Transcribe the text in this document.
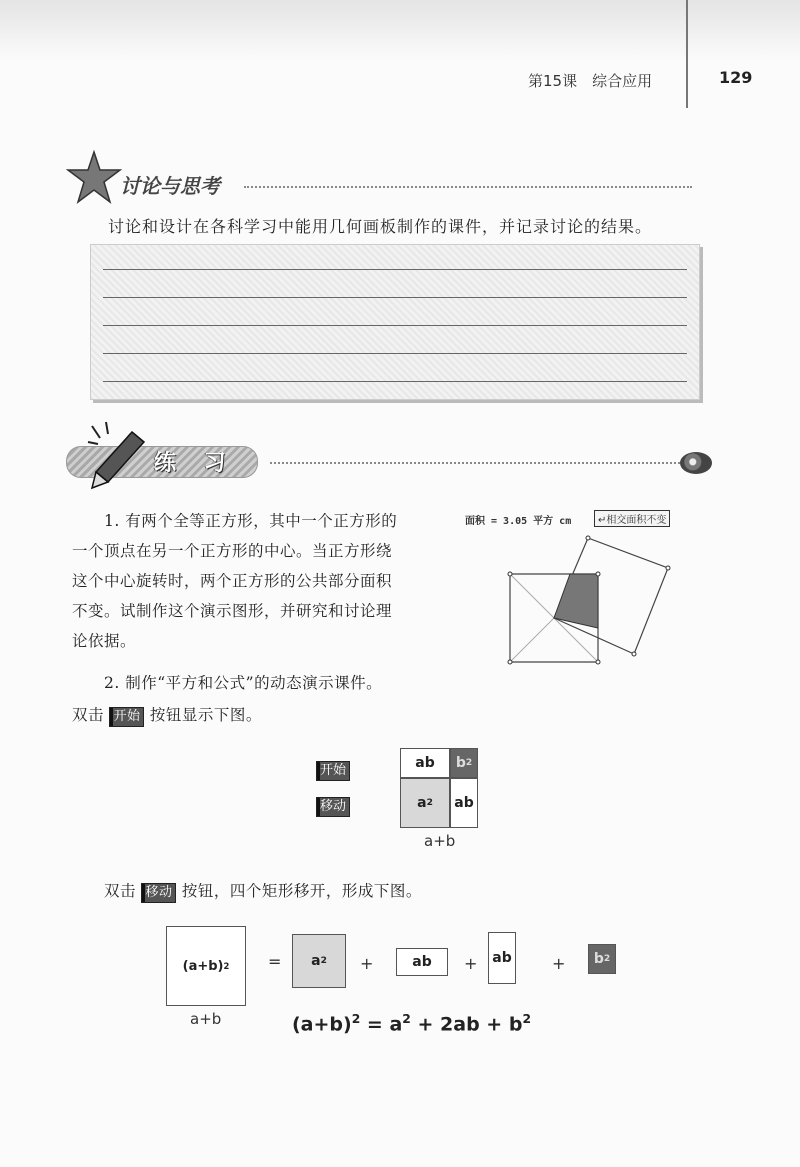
第15课　综合应用	129
讨论与思考
讨论和设计在各科学习中能用几何画板制作的课件，并记录讨论的结果。
练 习
1. 有两个全等正方形，其中一个正方形的
一个顶点在另一个正方形的中心。当正方形绕
这个中心旋转时，两个正方形的公共部分面积
不变。试制作这个演示图形，并研究和讨论理
论依据。
面积 = 3.05 平方 cm	↵相交面积不变
2. 制作“平方和公式”的动态演示课件。
双击 开始 按钮显示下图。
开始
移动
ab	b 2
a 2	ab
a+b
双击 移动 按钮，四个矩形移开，形成下图。
(a+b) 2
a+b
= a 2 +	ab	+	ab	+ b 2
$(a+b)^2 = a^2 + 2ab + b^2$
